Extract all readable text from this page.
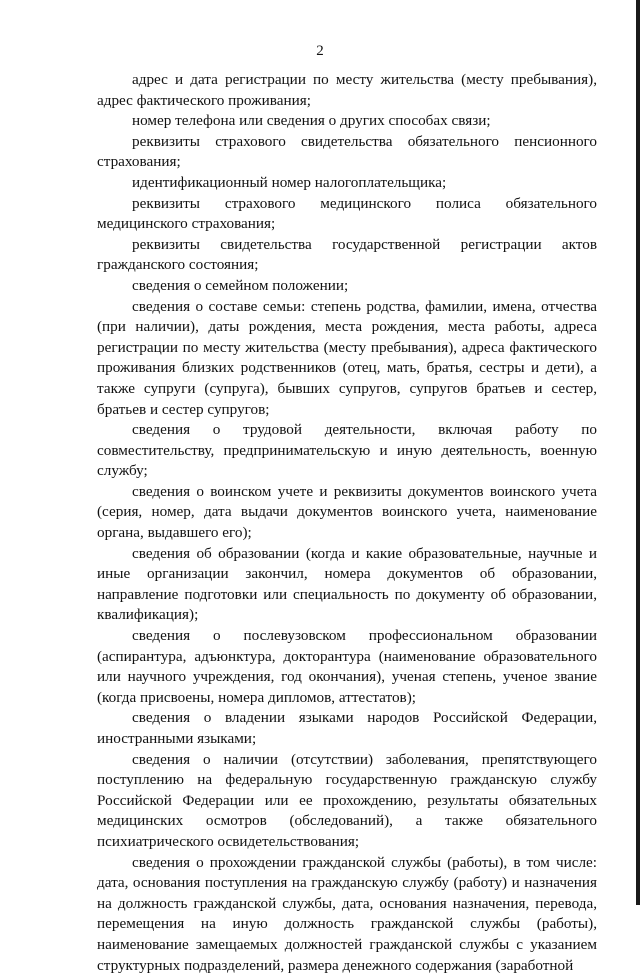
2

адрес и дата регистрации по месту жительства (месту пребывания), адрес фактического проживания;

номер телефона или сведения о других способах связи;

реквизиты страхового свидетельства обязательного пенсионного страхования;

идентификационный номер налогоплательщика;

реквизиты страхового медицинского полиса обязательного медицинского страхования;

реквизиты свидетельства государственной регистрации актов гражданского состояния;

сведения о семейном положении;

сведения о составе семьи: степень родства, фамилии, имена, отчества (при наличии), даты рождения, места рождения, места работы, адреса регистрации по месту жительства (месту пребывания), адреса фактического проживания близких родственников (отец, мать, братья, сестры и дети), а также супруги (супруга), бывших супругов, супругов братьев и сестер, братьев и сестер супругов;

сведения о трудовой деятельности, включая работу по совместительству, предпринимательскую и иную деятельность, военную службу;

сведения о воинском учете и реквизиты документов воинского учета (серия, номер, дата выдачи документов воинского учета, наименование органа, выдавшего его);

сведения об образовании (когда и какие образовательные, научные и иные организации закончил, номера документов об образовании, направление подготовки или специальность по документу об образовании, квалификация);

сведения о послевузовском профессиональном образовании (аспирантура, адъюнктура, докторантура (наименование образовательного или научного учреждения, год окончания), ученая степень, ученое звание (когда присвоены, номера дипломов, аттестатов);

сведения о владении языками народов Российской Федерации, иностранными языками;

сведения о наличии (отсутствии) заболевания, препятствующего поступлению на федеральную государственную гражданскую службу Российской Федерации или ее прохождению, результаты обязательных медицинских осмотров (обследований), а также обязательного психиатрического освидетельствования;

сведения о прохождении гражданской службы (работы), в том числе: дата, основания поступления на гражданскую службу (работу) и назначения на должность гражданской службы, дата, основания назначения, перевода, перемещения на иную должность гражданской службы (работы), наименование замещаемых должностей гражданской службы с указанием структурных подразделений, размера денежного содержания (заработной
